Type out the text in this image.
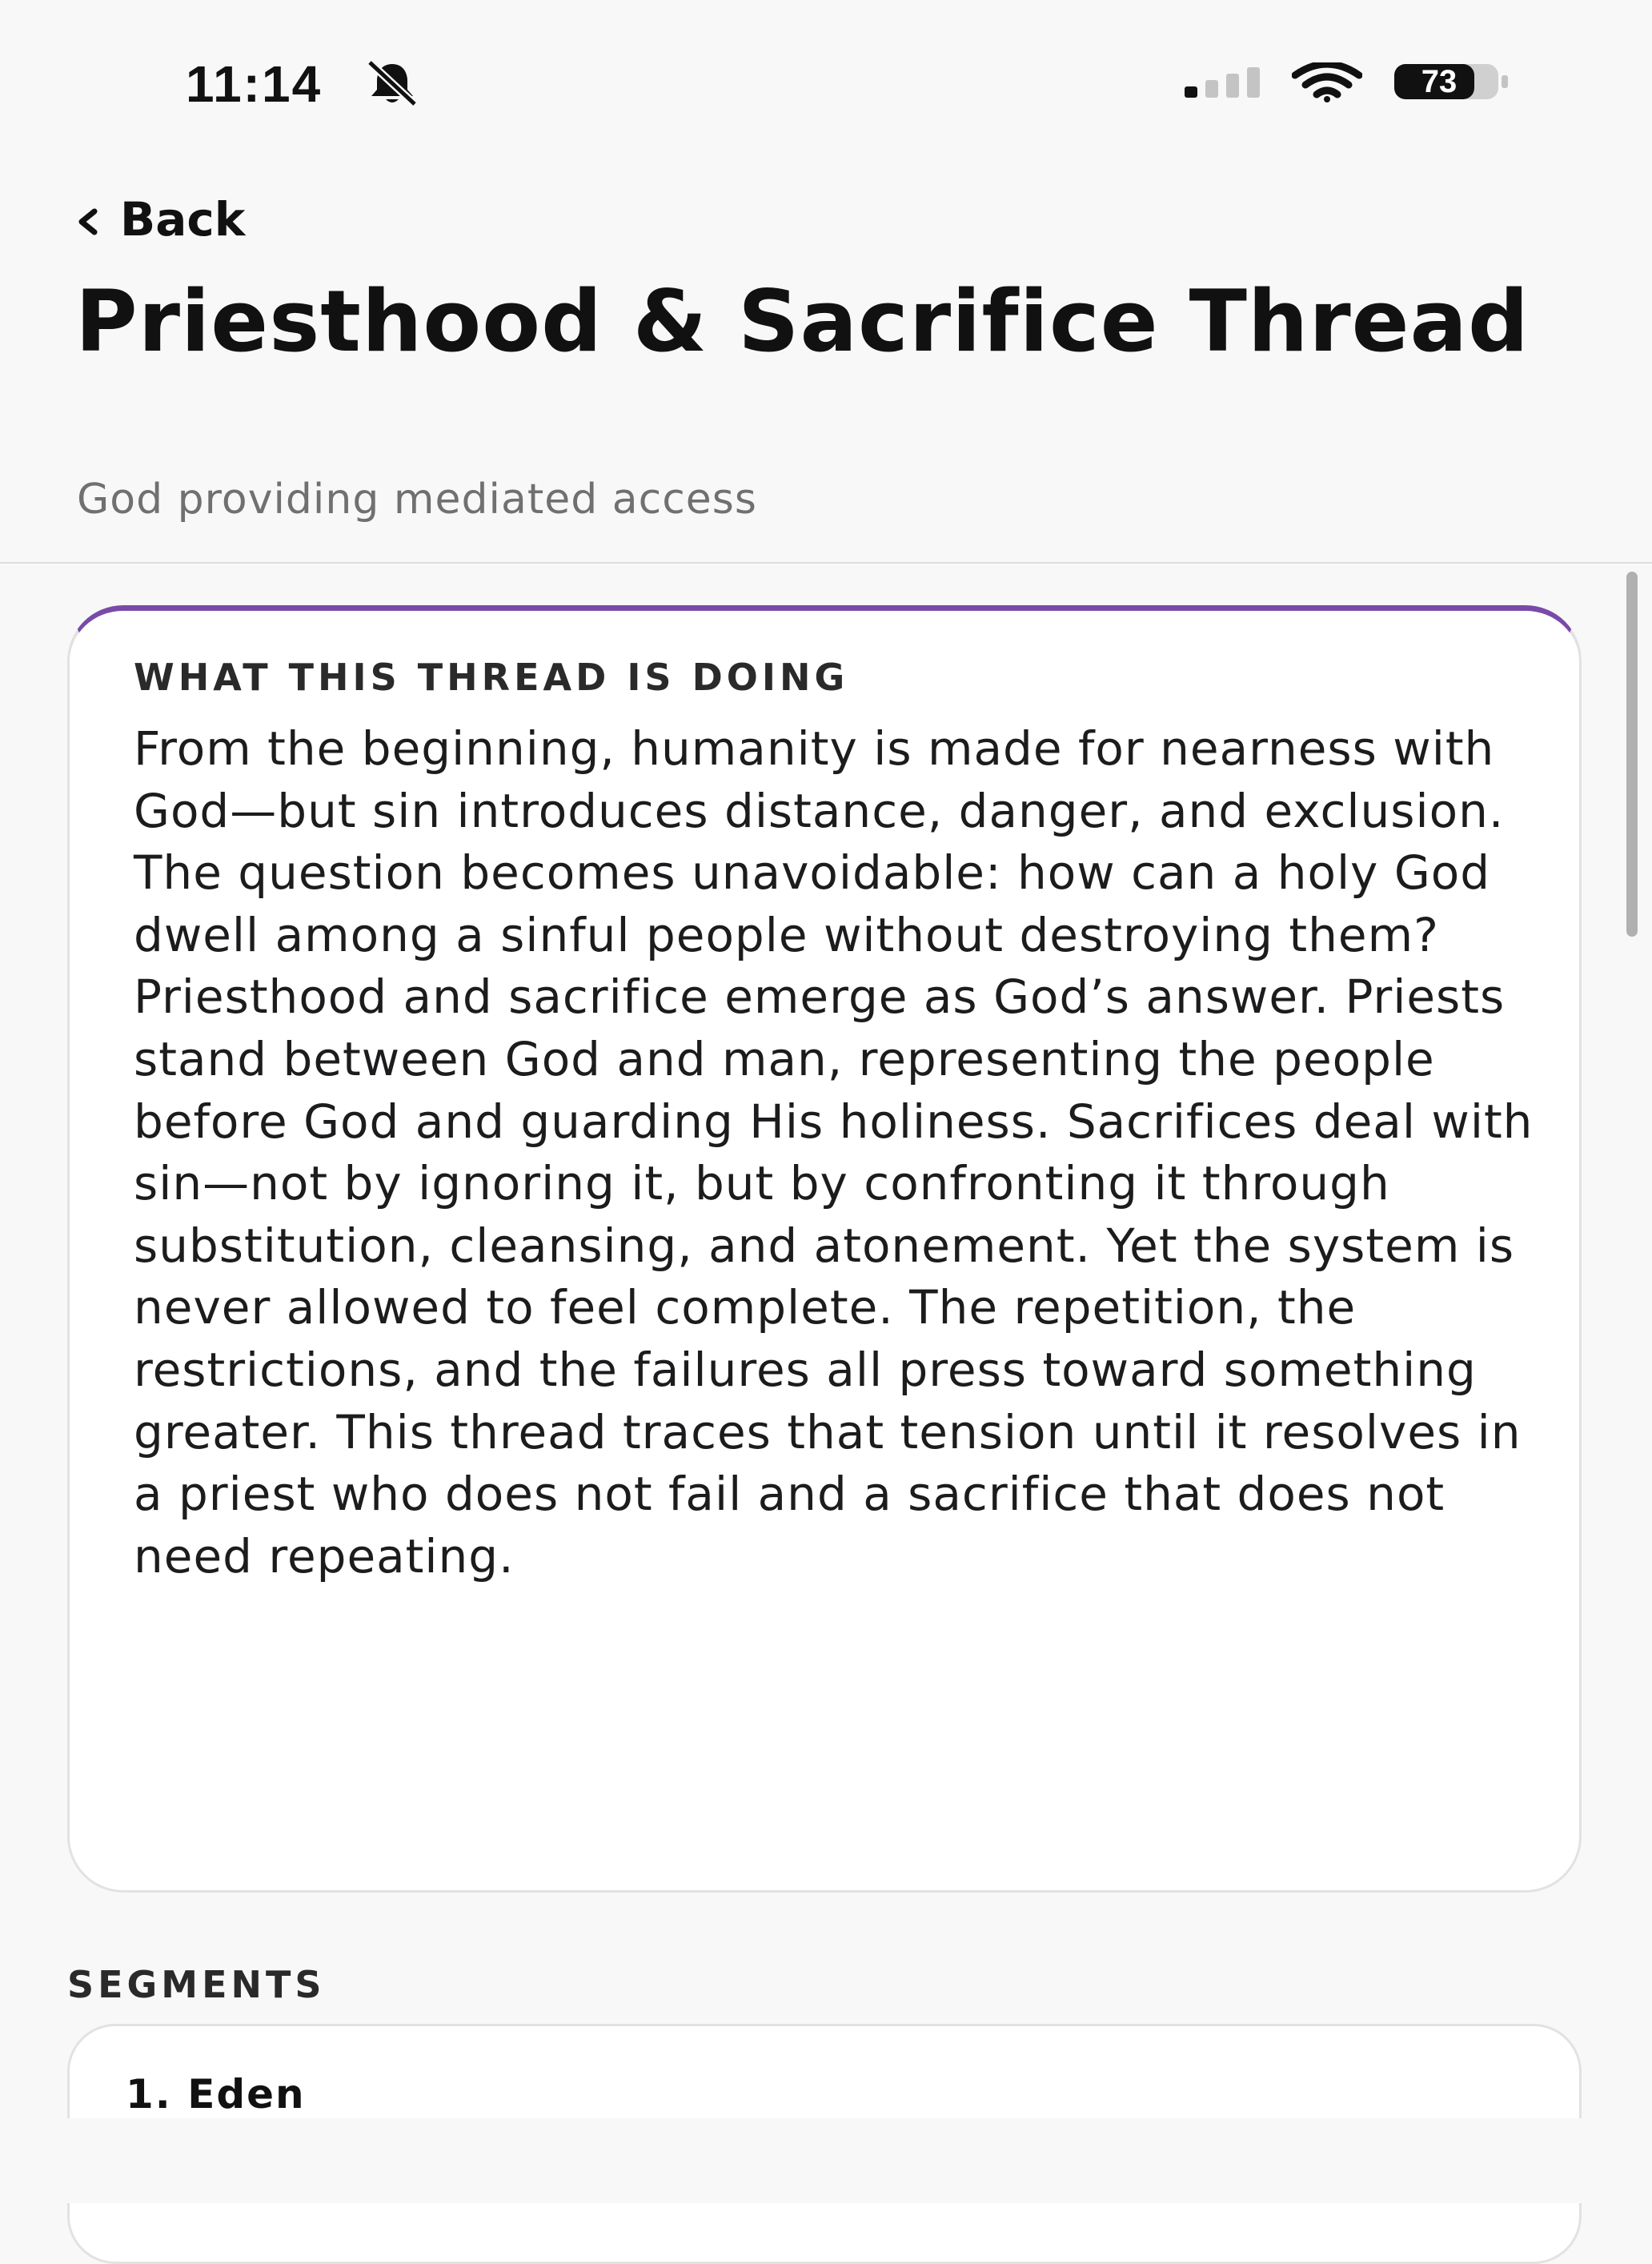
11:14	73
Back
Priesthood & Sacrifice Thread
God providing mediated access
WHAT THIS THREAD IS DOING
From the beginning, humanity is made for nearness with God—but sin introduces distance, danger, and exclusion. The question becomes unavoidable: how can a holy God dwell among a sinful people without destroying them? Priesthood and sacrifice emerge as God’s answer. Priests stand between God and man, representing the people before God and guarding His holiness. Sacrifices deal with sin—not by ignoring it, but by confronting it through substitution, cleansing, and atonement. Yet the system is never allowed to feel complete. The repetition, the restrictions, and the failures all press toward something greater. This thread traces that tension until it resolves in a priest who does not fail and a sacrifice that does not need repeating.
SEGMENTS
1. Eden
